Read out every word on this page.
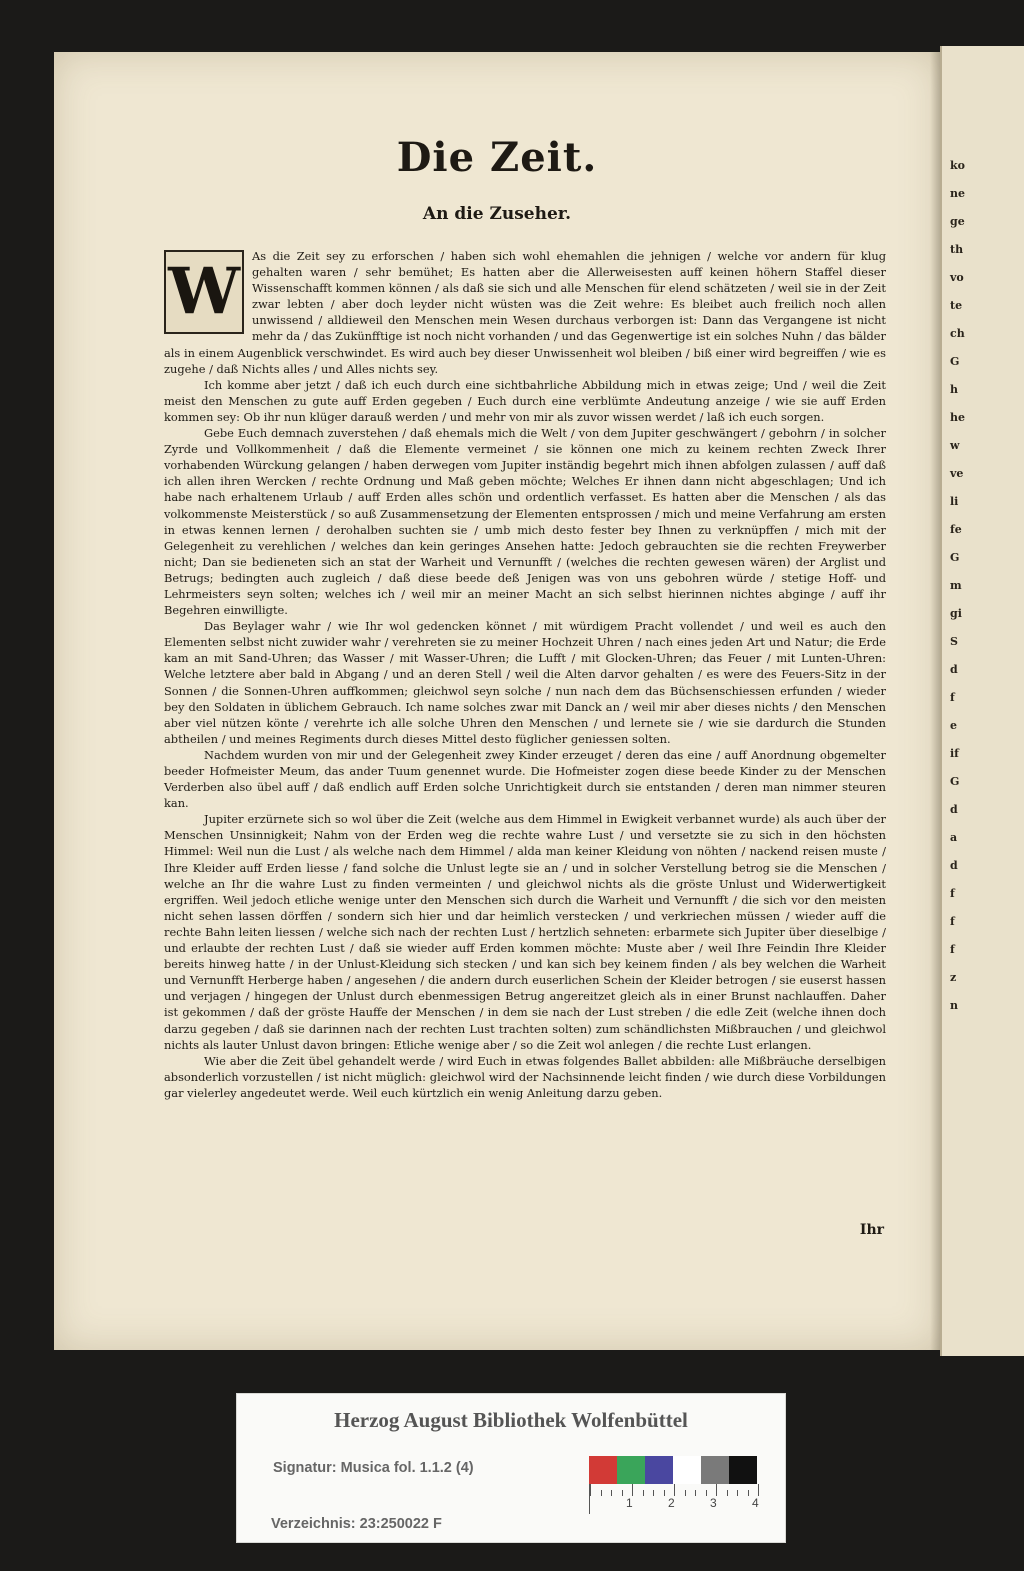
Die Zeit.
An die Zuseher.

W	As die Zeit sey zu erforschen / haben sich wohl ehemahlen die jehnigen / welche vor andern für klug gehalten waren / sehr bemühet; Es hatten aber die Allerweisesten auff keinen höhern Staffel dieser Wissenschafft kommen können / als daß sie sich und alle Menschen für elend schätzeten / weil sie in der Zeit zwar lebten / aber doch leyder nicht wüsten was die Zeit wehre: Es bleibet auch freilich noch allen unwissend / alldieweil den Menschen mein Wesen durchaus verborgen ist: Dann das Vergangene ist nicht mehr da / das Zukünfftige ist noch nicht vorhanden / und das Gegenwertige ist ein solches Nuhn / das bälder als in einem Augenblick verschwindet. Es wird auch bey dieser Unwissenheit wol bleiben / biß einer wird begreiffen / wie es zugehe / daß Nichts alles / und Alles nichts sey.

Ich komme aber jetzt / daß ich euch durch eine sichtbahrliche Abbildung mich in etwas zeige; Und / weil die Zeit meist den Menschen zu gute auff Erden gegeben / Euch durch eine verblümte Andeutung anzeige / wie sie auff Erden kommen sey: Ob ihr nun klüger darauß werden / und mehr von mir als zuvor wissen werdet / laß ich euch sorgen.

Gebe Euch demnach zuverstehen / daß ehemals mich die Welt / von dem Jupiter geschwängert / gebohrn / in solcher Zyrde und Vollkommenheit / daß die Elemente vermeinet / sie können one mich zu keinem rechten Zweck Ihrer vorhabenden Würckung gelangen / haben derwegen vom Jupiter inständig begehrt mich ihnen abfolgen zulassen / auff daß ich allen ihren Wercken / rechte Ordnung und Maß geben möchte; Welches Er ihnen dann nicht abgeschlagen; Und ich habe nach erhaltenem Urlaub / auff Erden alles schön und ordentlich verfasset. Es hatten aber die Menschen / als das volkommenste Meisterstück / so auß Zusammensetzung der Elementen entsprossen / mich und meine Verfahrung am ersten in etwas kennen lernen / derohalben suchten sie / umb mich desto fester bey Ihnen zu verknüpffen / mich mit der Gelegenheit zu verehlichen / welches dan kein geringes Ansehen hatte: Jedoch gebrauchten sie die rechten Freywerber nicht; Dan sie bedieneten sich an stat der Warheit und Vernunfft / (welches die rechten gewesen wären) der Arglist und Betrugs; bedingten auch zugleich / daß diese beede deß Jenigen was von uns gebohren würde / stetige Hoff- und Lehrmeisters seyn solten; welches ich / weil mir an meiner Macht an sich selbst hierinnen nichtes abginge / auff ihr Begehren einwilligte.

Das Beylager wahr / wie Ihr wol gedencken könnet / mit würdigem Pracht vollendet / und weil es auch den Elementen selbst nicht zuwider wahr / verehreten sie zu meiner Hochzeit Uhren / nach eines jeden Art und Natur; die Erde kam an mit Sand-Uhren; das Wasser / mit Wasser-Uhren; die Lufft / mit Glocken-Uhren; das Feuer / mit Lunten-Uhren: Welche letztere aber bald in Abgang / und an deren Stell / weil die Alten darvor gehalten / es were des Feuers-Sitz in der Sonnen / die Sonnen-Uhren auffkommen; gleichwol seyn solche / nun nach dem das Büchsenschiessen erfunden / wieder bey den Soldaten in üblichem Gebrauch. Ich name solches zwar mit Danck an / weil mir aber dieses nichts / den Menschen aber viel nützen könte / verehrte ich alle solche Uhren den Menschen / und lernete sie / wie sie dardurch die Stunden abtheilen / und meines Regiments durch dieses Mittel desto füglicher geniessen solten.

Nachdem wurden von mir und der Gelegenheit zwey Kinder erzeuget / deren das eine / auff Anordnung obgemelter beeder Hofmeister Meum, das ander Tuum genennet wurde. Die Hofmeister zogen diese beede Kinder zu der Menschen Verderben also übel auff / daß endlich auff Erden solche Unrichtigkeit durch sie entstanden / deren man nimmer steuren kan.

Jupiter erzürnete sich so wol über die Zeit (welche aus dem Himmel in Ewigkeit verbannet wurde) als auch über der Menschen Unsinnigkeit; Nahm von der Erden weg die rechte wahre Lust / und versetzte sie zu sich in den höchsten Himmel: Weil nun die Lust / als welche nach dem Himmel / alda man keiner Kleidung von nöhten / nackend reisen muste / Ihre Kleider auff Erden liesse / fand solche die Unlust legte sie an / und in solcher Verstellung betrog sie die Menschen / welche an Ihr die wahre Lust zu finden vermeinten / und gleichwol nichts als die gröste Unlust und Widerwertigkeit ergriffen. Weil jedoch etliche wenige unter den Menschen sich durch die Warheit und Vernunfft / die sich vor den meisten nicht sehen lassen dörffen / sondern sich hier und dar heimlich verstecken / und verkriechen müssen / wieder auff die rechte Bahn leiten liessen / welche sich nach der rechten Lust / hertzlich sehneten: erbarmete sich Jupiter über dieselbige / und erlaubte der rechten Lust / daß sie wieder auff Erden kommen möchte: Muste aber / weil Ihre Feindin Ihre Kleider bereits hinweg hatte / in der Unlust-Kleidung sich stecken / und kan sich bey keinem finden / als bey welchen die Warheit und Vernunfft Herberge haben / angesehen / die andern durch euserlichen Schein der Kleider betrogen / sie euserst hassen und verjagen / hingegen der Unlust durch ebenmessigen Betrug angereitzet gleich als in einer Brunst nachlauffen. Daher ist gekommen / daß der gröste Hauffe der Menschen / in dem sie nach der Lust streben / die edle Zeit (welche ihnen doch darzu gegeben / daß sie darinnen nach der rechten Lust trachten solten) zum schändlichsten Mißbrauchen / und gleichwol nichts als lauter Unlust davon bringen: Etliche wenige aber / so die Zeit wol anlegen / die rechte Lust erlangen.

Wie aber die Zeit übel gehandelt werde / wird Euch in etwas folgendes Ballet abbilden: alle Mißbräuche derselbigen absonderlich vorzustellen / ist nicht müglich: gleichwol wird der Nachsinnende leicht finden / wie durch diese Vorbildungen gar vielerley angedeutet werde. Weil euch kürtzlich ein wenig Anleitung darzu geben.

Ihr
ko
ne
ge
th
vo
te
ch
G
h
he
w
ve
li
fe
G
m
gi
S
d
f
e
if
G
d
a
d
f
f
f
z
n
Herzog August Bibliothek Wolfenbüttel
Signatur: Musica fol. 1.1.2 (4)
1	2	3	4
Verzeichnis: 23:250022 F
